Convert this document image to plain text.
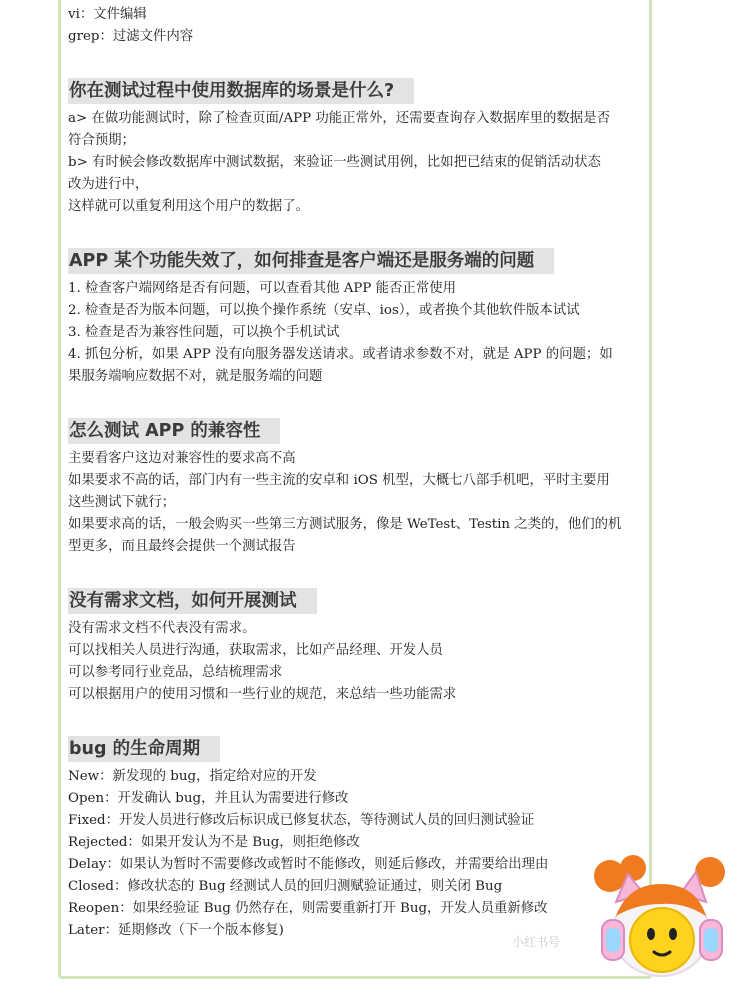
vi：文件编辑
grep：过滤文件内容
你在测试过程中使用数据库的场景是什么?
a> 在做功能测试时，除了检查页面/APP 功能正常外，还需要查询存入数据库里的数据是否
符合预期；
b> 有时候会修改数据库中测试数据，来验证一些测试用例，比如把已结束的促销活动状态
改为进行中，
这样就可以重复利用这个用户的数据了。
APP 某个功能失效了，如何排查是客户端还是服务端的问题
1. 检查客户端网络是否有问题，可以查看其他 APP 能否正常使用
2. 检查是否为版本问题，可以换个操作系统（安卓、ios），或者换个其他软件版本试试
3. 检查是否为兼容性问题，可以换个手机试试
4. 抓包分析，如果 APP 没有向服务器发送请求。或者请求参数不对，就是 APP 的问题；如
果服务端响应数据不对，就是服务端的问题
怎么测试 APP 的兼容性
主要看客户这边对兼容性的要求高不高
如果要求不高的话，部门内有一些主流的安卓和 iOS 机型，大概七八部手机吧，平时主要用
这些测试下就行；
如果要求高的话，一般会购买一些第三方测试服务，像是 WeTest、Testin 之类的，他们的机
型更多，而且最终会提供一个测试报告
没有需求文档，如何开展测试
没有需求文档不代表没有需求。
可以找相关人员进行沟通，获取需求，比如产品经理、开发人员
可以参考同行业竞品，总结梳理需求
可以根据用户的使用习惯和一些行业的规范，来总结一些功能需求
bug 的生命周期
New：新发现的 bug，指定给对应的开发
Open：开发确认 bug，并且认为需要进行修改
Fixed：开发人员进行修改后标识成已修复状态，等待测试人员的回归测试验证
Rejected：如果开发认为不是 Bug，则拒绝修改
Delay：如果认为暂时不需要修改或暂时不能修改，则延后修改，并需要给出理由
Closed：修改状态的 Bug 经测试人员的回归测赋验证通过，则关闭 Bug
Reopen：如果经验证 Bug 仍然存在，则需要重新打开 Bug，开发人员重新修改
Later：延期修改（下一个版本修复)
小红书号
